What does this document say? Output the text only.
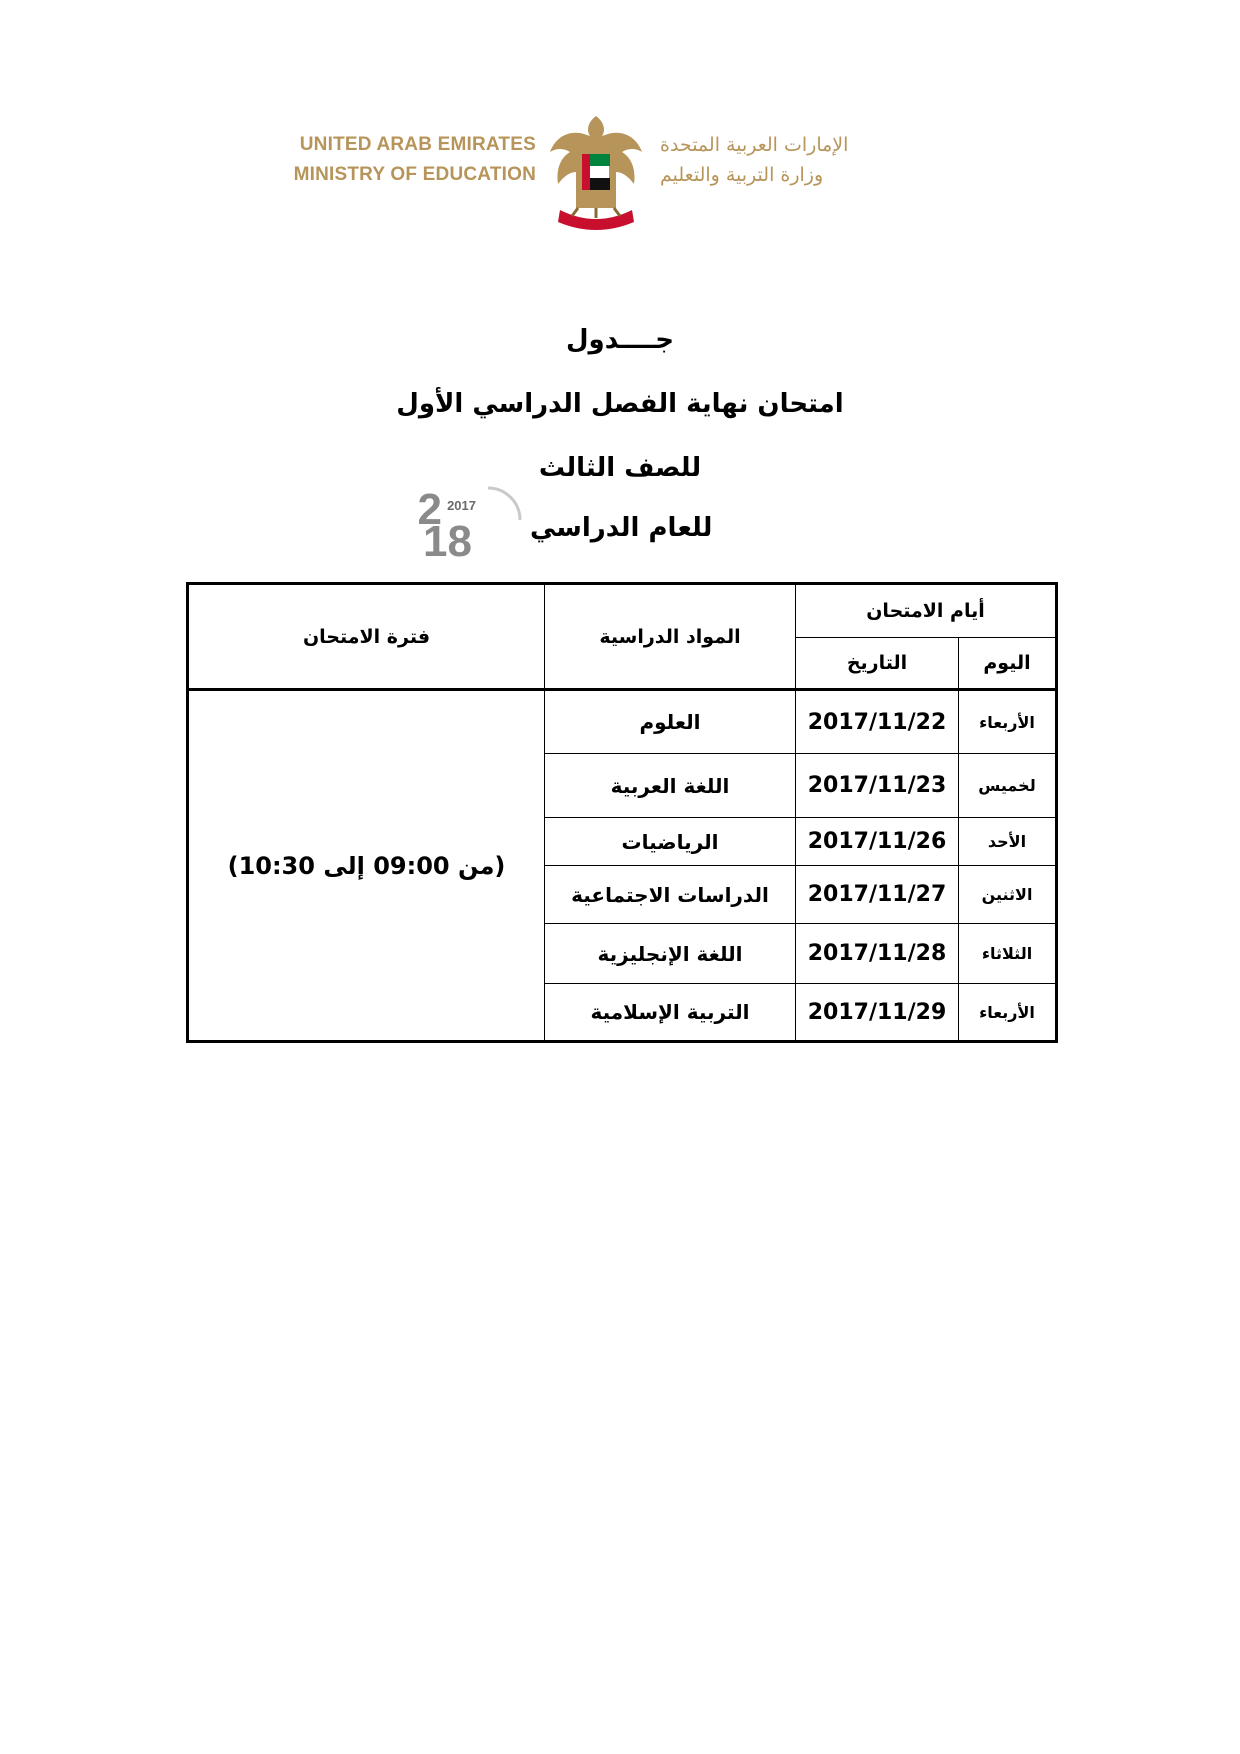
UNITED ARAB EMIRATES
MINISTRY OF EDUCATION
الإمارات العربية المتحدة
وزارة التربية والتعليم
جــــدول
امتحان نهاية الفصل الدراسي الأول
للصف الثالث
للعام الدراسي
2 2017
18
أيام الامتحان		المواد الدراسية	فترة الامتحان
اليوم	التاريخ		
الأربعاء	2017/11/22	العلوم	(من 09:00 إلى 10:30)
لخميس	2017/11/23	اللغة العربية	
الأحد	2017/11/26	الرياضيات	
الاثنين	2017/11/27	الدراسات الاجتماعية	
الثلاثاء	2017/11/28	اللغة الإنجليزية	
الأربعاء	2017/11/29	التربية الإسلامية	
